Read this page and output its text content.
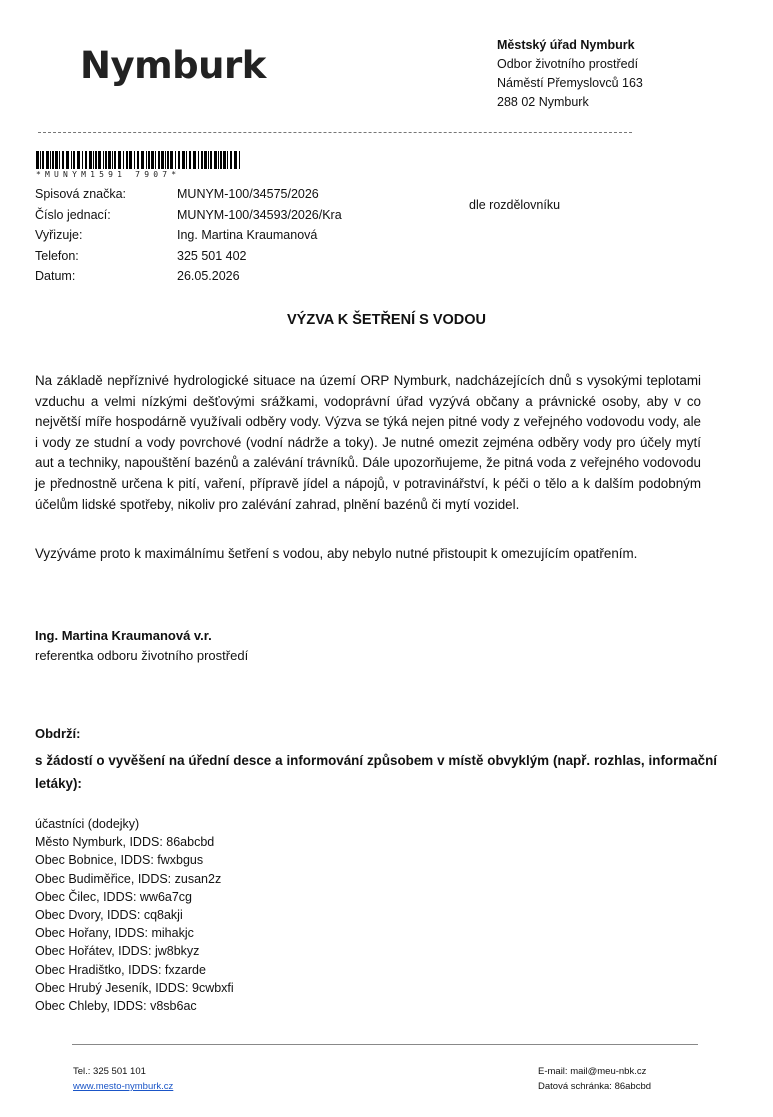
Nymburk	Městský úřad Nymburk
Odbor životního prostředí
Náměstí Přemyslovců 163
288 02 Nymburk
*MUNYM1591 7907*
Spisová značka:	MUNYM-100/34575/2026
Číslo jednací:	MUNYM-100/34593/2026/Kra
Vyřizuje:	Ing. Martina Kraumanová
Telefon:	325 501 402
Datum:	26.05.2026
dle rozdělovníku
VÝZVA K ŠETŘENÍ S VODOU
Na základě nepříznivé hydrologické situace na území ORP Nymburk, nadcházejících dnů s vysokými teplotami vzduchu a velmi nízkými dešťovými srážkami, vodoprávní úřad vyzývá občany a právnické osoby, aby v co největší míře hospodárně využívali odběry vody. Výzva se týká nejen pitné vody z veřejného vodovodu vody, ale i vody ze studní a vody povrchové (vodní nádrže a toky). Je nutné omezit zejména odběry vody pro účely mytí aut a techniky, napouštění bazénů a zalévání trávníků. Dále upozorňujeme, že pitná voda z veřejného vodovodu je přednostně určena k pití, vaření, přípravě jídel a nápojů, v potravinářství, k péči o tělo a k dalším podobným účelům lidské spotřeby, nikoliv pro zalévání zahrad, plnění bazénů či mytí vozidel.
Vyzýváme proto k maximálnímu šetření s vodou, aby nebylo nutné přistoupit k omezujícím opatřením.
Ing. Martina Kraumanová v.r.
referentka odboru životního prostředí
Obdrží:
s žádostí o vyvěšení na úřední desce a informování způsobem v místě obvyklým (např. rozhlas, informační letáky):
účastníci (dodejky)
Město Nymburk, IDDS: 86abcbd
Obec Bobnice, IDDS: fwxbgus
Obec Budiměřice, IDDS: zusan2z
Obec Čilec, IDDS: ww6a7cg
Obec Dvory, IDDS: cq8akji
Obec Hořany, IDDS: mihakjc
Obec Hořátev, IDDS: jw8bkyz
Obec Hradištko, IDDS: fxzarde
Obec Hrubý Jeseník, IDDS: 9cwbxfi
Obec Chleby, IDDS: v8sb6ac
Tel.: 325 501 101
www.mesto-nymburk.cz
E-mail: mail@meu-nbk.cz
Datová schránka: 86abcbd
